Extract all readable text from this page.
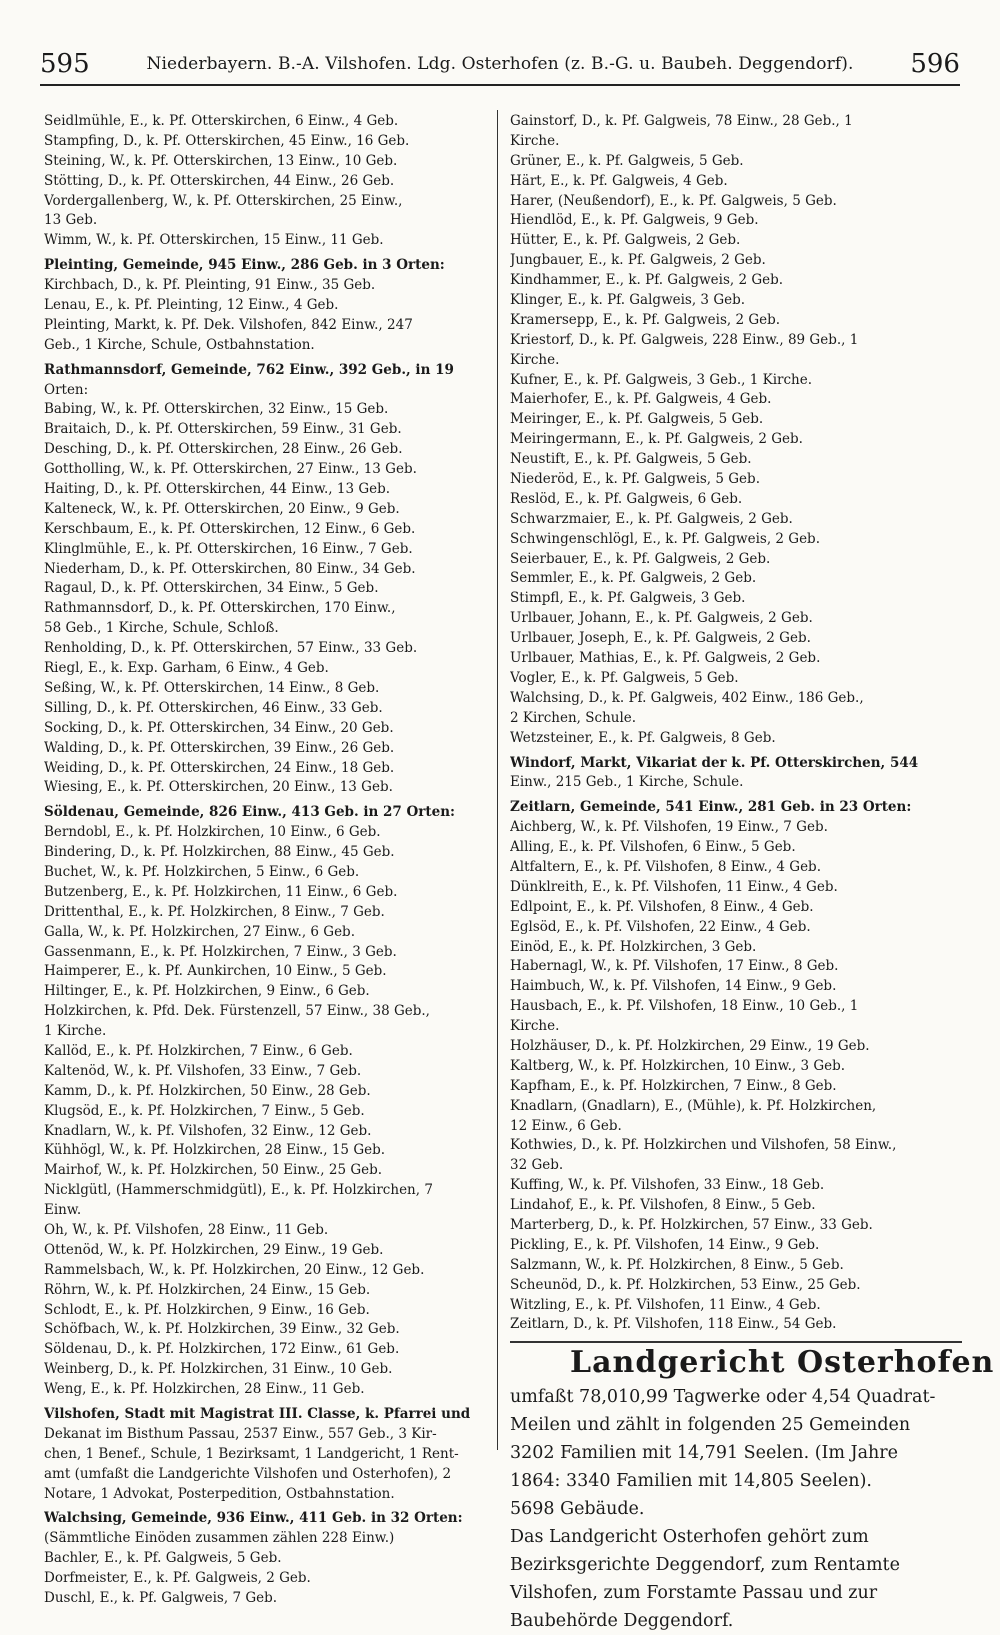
595	Niederbayern. B.-A. Vilshofen. Ldg. Osterhofen (z. B.-G. u. Baubeh. Deggendorf). 596
Seidlmühle, E., k. Pf. Otterskirchen, 6 Einw., 4 Geb.
Stampfing, D., k. Pf. Otterskirchen, 45 Einw., 16 Geb.
Steining, W., k. Pf. Otterskirchen, 13 Einw., 10 Geb.
Stötting, D., k. Pf. Otterskirchen, 44 Einw., 26 Geb.
Vordergallenberg, W., k. Pf. Otterskirchen, 25 Einw.,
13 Geb.
Wimm, W., k. Pf. Otterskirchen, 15 Einw., 11 Geb.
Pleinting, Gemeinde, 945 Einw., 286 Geb. in 3 Orten:
Kirchbach, D., k. Pf. Pleinting, 91 Einw., 35 Geb.
Lenau, E., k. Pf. Pleinting, 12 Einw., 4 Geb.
Pleinting, Markt, k. Pf. Dek. Vilshofen, 842 Einw., 247
Geb., 1 Kirche, Schule, Ostbahnstation.
Rathmannsdorf, Gemeinde, 762 Einw., 392 Geb., in 19
Orten:
Babing, W., k. Pf. Otterskirchen, 32 Einw., 15 Geb.
Braitaich, D., k. Pf. Otterskirchen, 59 Einw., 31 Geb.
Desching, D., k. Pf. Otterskirchen, 28 Einw., 26 Geb.
Gottholling, W., k. Pf. Otterskirchen, 27 Einw., 13 Geb.
Haiting, D., k. Pf. Otterskirchen, 44 Einw., 13 Geb.
Kalteneck, W., k. Pf. Otterskirchen, 20 Einw., 9 Geb.
Kerschbaum, E., k. Pf. Otterskirchen, 12 Einw., 6 Geb.
Klinglmühle, E., k. Pf. Otterskirchen, 16 Einw., 7 Geb.
Niederham, D., k. Pf. Otterskirchen, 80 Einw., 34 Geb.
Ragaul, D., k. Pf. Otterskirchen, 34 Einw., 5 Geb.
Rathmannsdorf, D., k. Pf. Otterskirchen, 170 Einw.,
58 Geb., 1 Kirche, Schule, Schloß.
Renholding, D., k. Pf. Otterskirchen, 57 Einw., 33 Geb.
Riegl, E., k. Exp. Garham, 6 Einw., 4 Geb.
Seßing, W., k. Pf. Otterskirchen, 14 Einw., 8 Geb.
Silling, D., k. Pf. Otterskirchen, 46 Einw., 33 Geb.
Socking, D., k. Pf. Otterskirchen, 34 Einw., 20 Geb.
Walding, D., k. Pf. Otterskirchen, 39 Einw., 26 Geb.
Weiding, D., k. Pf. Otterskirchen, 24 Einw., 18 Geb.
Wiesing, E., k. Pf. Otterskirchen, 20 Einw., 13 Geb.
Söldenau, Gemeinde, 826 Einw., 413 Geb. in 27 Orten:
Berndobl, E., k. Pf. Holzkirchen, 10 Einw., 6 Geb.
Bindering, D., k. Pf. Holzkirchen, 88 Einw., 45 Geb.
Buchet, W., k. Pf. Holzkirchen, 5 Einw., 6 Geb.
Butzenberg, E., k. Pf. Holzkirchen, 11 Einw., 6 Geb.
Drittenthal, E., k. Pf. Holzkirchen, 8 Einw., 7 Geb.
Galla, W., k. Pf. Holzkirchen, 27 Einw., 6 Geb.
Gassenmann, E., k. Pf. Holzkirchen, 7 Einw., 3 Geb.
Haimperer, E., k. Pf. Aunkirchen, 10 Einw., 5 Geb.
Hiltinger, E., k. Pf. Holzkirchen, 9 Einw., 6 Geb.
Holzkirchen, k. Pfd. Dek. Fürstenzell, 57 Einw., 38 Geb.,
1 Kirche.
Kallöd, E., k. Pf. Holzkirchen, 7 Einw., 6 Geb.
Kaltenöd, W., k. Pf. Vilshofen, 33 Einw., 7 Geb.
Kamm, D., k. Pf. Holzkirchen, 50 Einw., 28 Geb.
Klugsöd, E., k. Pf. Holzkirchen, 7 Einw., 5 Geb.
Knadlarn, W., k. Pf. Vilshofen, 32 Einw., 12 Geb.
Kühhögl, W., k. Pf. Holzkirchen, 28 Einw., 15 Geb.
Mairhof, W., k. Pf. Holzkirchen, 50 Einw., 25 Geb.
Nicklgütl, (Hammerschmidgütl), E., k. Pf. Holzkirchen, 7
Einw.
Oh, W., k. Pf. Vilshofen, 28 Einw., 11 Geb.
Ottenöd, W., k. Pf. Holzkirchen, 29 Einw., 19 Geb.
Rammelsbach, W., k. Pf. Holzkirchen, 20 Einw., 12 Geb.
Röhrn, W., k. Pf. Holzkirchen, 24 Einw., 15 Geb.
Schlodt, E., k. Pf. Holzkirchen, 9 Einw., 16 Geb.
Schöfbach, W., k. Pf. Holzkirchen, 39 Einw., 32 Geb.
Söldenau, D., k. Pf. Holzkirchen, 172 Einw., 61 Geb.
Weinberg, D., k. Pf. Holzkirchen, 31 Einw., 10 Geb.
Weng, E., k. Pf. Holzkirchen, 28 Einw., 11 Geb.
Vilshofen, Stadt mit Magistrat III. Classe, k. Pfarrei und
Dekanat im Bisthum Passau, 2537 Einw., 557 Geb., 3 Kir-
chen, 1 Benef., Schule, 1 Bezirksamt, 1 Landgericht, 1 Rent-
amt (umfaßt die Landgerichte Vilshofen und Osterhofen), 2
Notare, 1 Advokat, Posterpedition, Ostbahnstation.
Walchsing, Gemeinde, 936 Einw., 411 Geb. in 32 Orten:
(Sämmtliche Einöden zusammen zählen 228 Einw.)
Bachler, E., k. Pf. Galgweis, 5 Geb.
Dorfmeister, E., k. Pf. Galgweis, 2 Geb.
Duschl, E., k. Pf. Galgweis, 7 Geb.
Gainstorf, D., k. Pf. Galgweis, 78 Einw., 28 Geb., 1
Kirche.
Grüner, E., k. Pf. Galgweis, 5 Geb.
Härt, E., k. Pf. Galgweis, 4 Geb.
Harer, (Neußendorf), E., k. Pf. Galgweis, 5 Geb.
Hiendlöd, E., k. Pf. Galgweis, 9 Geb.
Hütter, E., k. Pf. Galgweis, 2 Geb.
Jungbauer, E., k. Pf. Galgweis, 2 Geb.
Kindhammer, E., k. Pf. Galgweis, 2 Geb.
Klinger, E., k. Pf. Galgweis, 3 Geb.
Kramersepp, E., k. Pf. Galgweis, 2 Geb.
Kriestorf, D., k. Pf. Galgweis, 228 Einw., 89 Geb., 1
Kirche.
Kufner, E., k. Pf. Galgweis, 3 Geb., 1 Kirche.
Maierhofer, E., k. Pf. Galgweis, 4 Geb.
Meiringer, E., k. Pf. Galgweis, 5 Geb.
Meiringermann, E., k. Pf. Galgweis, 2 Geb.
Neustift, E., k. Pf. Galgweis, 5 Geb.
Niederöd, E., k. Pf. Galgweis, 5 Geb.
Reslöd, E., k. Pf. Galgweis, 6 Geb.
Schwarzmaier, E., k. Pf. Galgweis, 2 Geb.
Schwingenschlögl, E., k. Pf. Galgweis, 2 Geb.
Seierbauer, E., k. Pf. Galgweis, 2 Geb.
Semmler, E., k. Pf. Galgweis, 2 Geb.
Stimpfl, E., k. Pf. Galgweis, 3 Geb.
Urlbauer, Johann, E., k. Pf. Galgweis, 2 Geb.
Urlbauer, Joseph, E., k. Pf. Galgweis, 2 Geb.
Urlbauer, Mathias, E., k. Pf. Galgweis, 2 Geb.
Vogler, E., k. Pf. Galgweis, 5 Geb.
Walchsing, D., k. Pf. Galgweis, 402 Einw., 186 Geb.,
2 Kirchen, Schule.
Wetzsteiner, E., k. Pf. Galgweis, 8 Geb.
Windorf, Markt, Vikariat der k. Pf. Otterskirchen, 544
Einw., 215 Geb., 1 Kirche, Schule.
Zeitlarn, Gemeinde, 541 Einw., 281 Geb. in 23 Orten:
Aichberg, W., k. Pf. Vilshofen, 19 Einw., 7 Geb.
Alling, E., k. Pf. Vilshofen, 6 Einw., 5 Geb.
Altfaltern, E., k. Pf. Vilshofen, 8 Einw., 4 Geb.
Dünklreith, E., k. Pf. Vilshofen, 11 Einw., 4 Geb.
Edlpoint, E., k. Pf. Vilshofen, 8 Einw., 4 Geb.
Eglsöd, E., k. Pf. Vilshofen, 22 Einw., 4 Geb.
Einöd, E., k. Pf. Holzkirchen, 3 Geb.
Habernagl, W., k. Pf. Vilshofen, 17 Einw., 8 Geb.
Haimbuch, W., k. Pf. Vilshofen, 14 Einw., 9 Geb.
Hausbach, E., k. Pf. Vilshofen, 18 Einw., 10 Geb., 1
Kirche.
Holzhäuser, D., k. Pf. Holzkirchen, 29 Einw., 19 Geb.
Kaltberg, W., k. Pf. Holzkirchen, 10 Einw., 3 Geb.
Kapfham, E., k. Pf. Holzkirchen, 7 Einw., 8 Geb.
Knadlarn, (Gnadlarn), E., (Mühle), k. Pf. Holzkirchen,
12 Einw., 6 Geb.
Kothwies, D., k. Pf. Holzkirchen und Vilshofen, 58 Einw.,
32 Geb.
Kuffing, W., k. Pf. Vilshofen, 33 Einw., 18 Geb.
Lindahof, E., k. Pf. Vilshofen, 8 Einw., 5 Geb.
Marterberg, D., k. Pf. Holzkirchen, 57 Einw., 33 Geb.
Pickling, E., k. Pf. Vilshofen, 14 Einw., 9 Geb.
Salzmann, W., k. Pf. Holzkirchen, 8 Einw., 5 Geb.
Scheunöd, D., k. Pf. Holzkirchen, 53 Einw., 25 Geb.
Witzling, E., k. Pf. Vilshofen, 11 Einw., 4 Geb.
Zeitlarn, D., k. Pf. Vilshofen, 118 Einw., 54 Geb.
Landgericht Osterhofen
umfaßt 78,010,99 Tagwerke oder 4,54 Quadrat-
Meilen und zählt in folgenden 25 Gemeinden
3202 Familien mit 14,791 Seelen. (Im Jahre
1864: 3340 Familien mit 14,805 Seelen).
5698 Gebäude.
Das Landgericht Osterhofen gehört zum
Bezirksgerichte Deggendorf, zum Rentamte
Vilshofen, zum Forstamte Passau und zur
Baubehörde Deggendorf.
